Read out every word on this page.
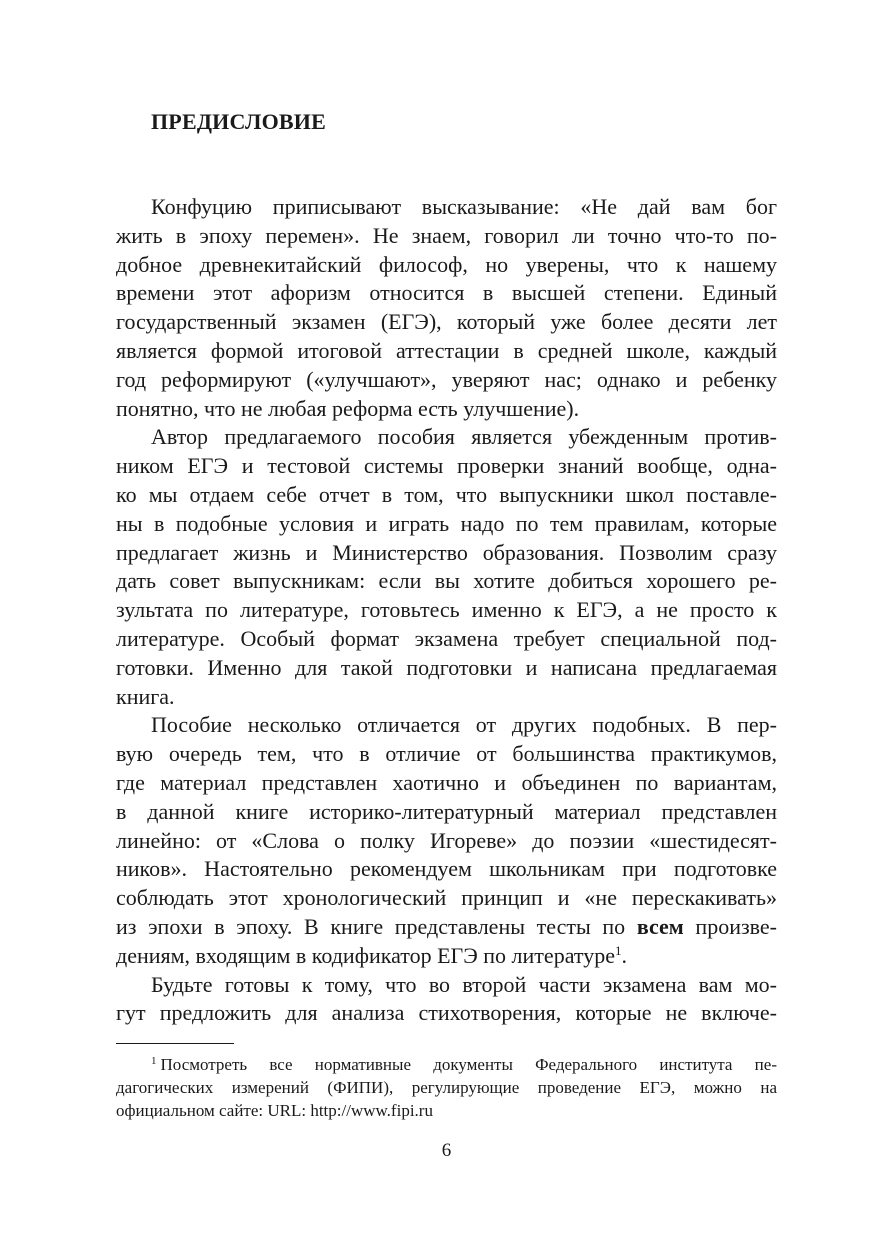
ПРЕДИСЛОВИЕ
Конфуцию приписывают высказывание: «Не дай вам бог
жить в эпоху перемен». Не знаем, говорил ли точно что-то по-
добное древнекитайский философ, но уверены, что к нашему
времени этот афоризм относится в высшей степени. Единый
государственный экзамен (ЕГЭ), который уже более десяти лет
является формой итоговой аттестации в средней школе, каждый
год реформируют («улучшают», уверяют нас; однако и ребенку
понятно, что не любая реформа есть улучшение).
Автор предлагаемого пособия является убежденным против-
ником ЕГЭ и тестовой системы проверки знаний вообще, одна-
ко мы отдаем себе отчет в том, что выпускники школ поставле-
ны в подобные условия и играть надо по тем правилам, которые
предлагает жизнь и Министерство образования. Позволим сразу
дать совет выпускникам: если вы хотите добиться хорошего ре-
зультата по литературе, готовьтесь именно к ЕГЭ, а не просто к
литературе. Особый формат экзамена требует специальной под-
готовки. Именно для такой подготовки и написана предлагаемая
книга.
Пособие несколько отличается от других подобных. В пер-
вую очередь тем, что в отличие от большинства практикумов,
где материал представлен хаотично и объединен по вариантам,
в данной книге историко-литературный материал представлен
линейно: от «Слова о полку Игореве» до поэзии «шестидесят-
ников». Настоятельно рекомендуем школьникам при подготовке
соблюдать этот хронологический принцип и «не перескакивать»
из эпохи в эпоху. В книге представлены тесты по всем произве-
дениям, входящим в кодификатор ЕГЭ по литературе$^1$.
Будьте готовы к тому, что во второй части экзамена вам мо-
гут предложить для анализа стихотворения, которые не включе-
$^1$ Посмотреть все нормативные документы Федерального института пе-
дагогических измерений (ФИПИ), регулирующие проведение ЕГЭ, можно на
официальном сайте: URL: http://www.fipi.ru
6
